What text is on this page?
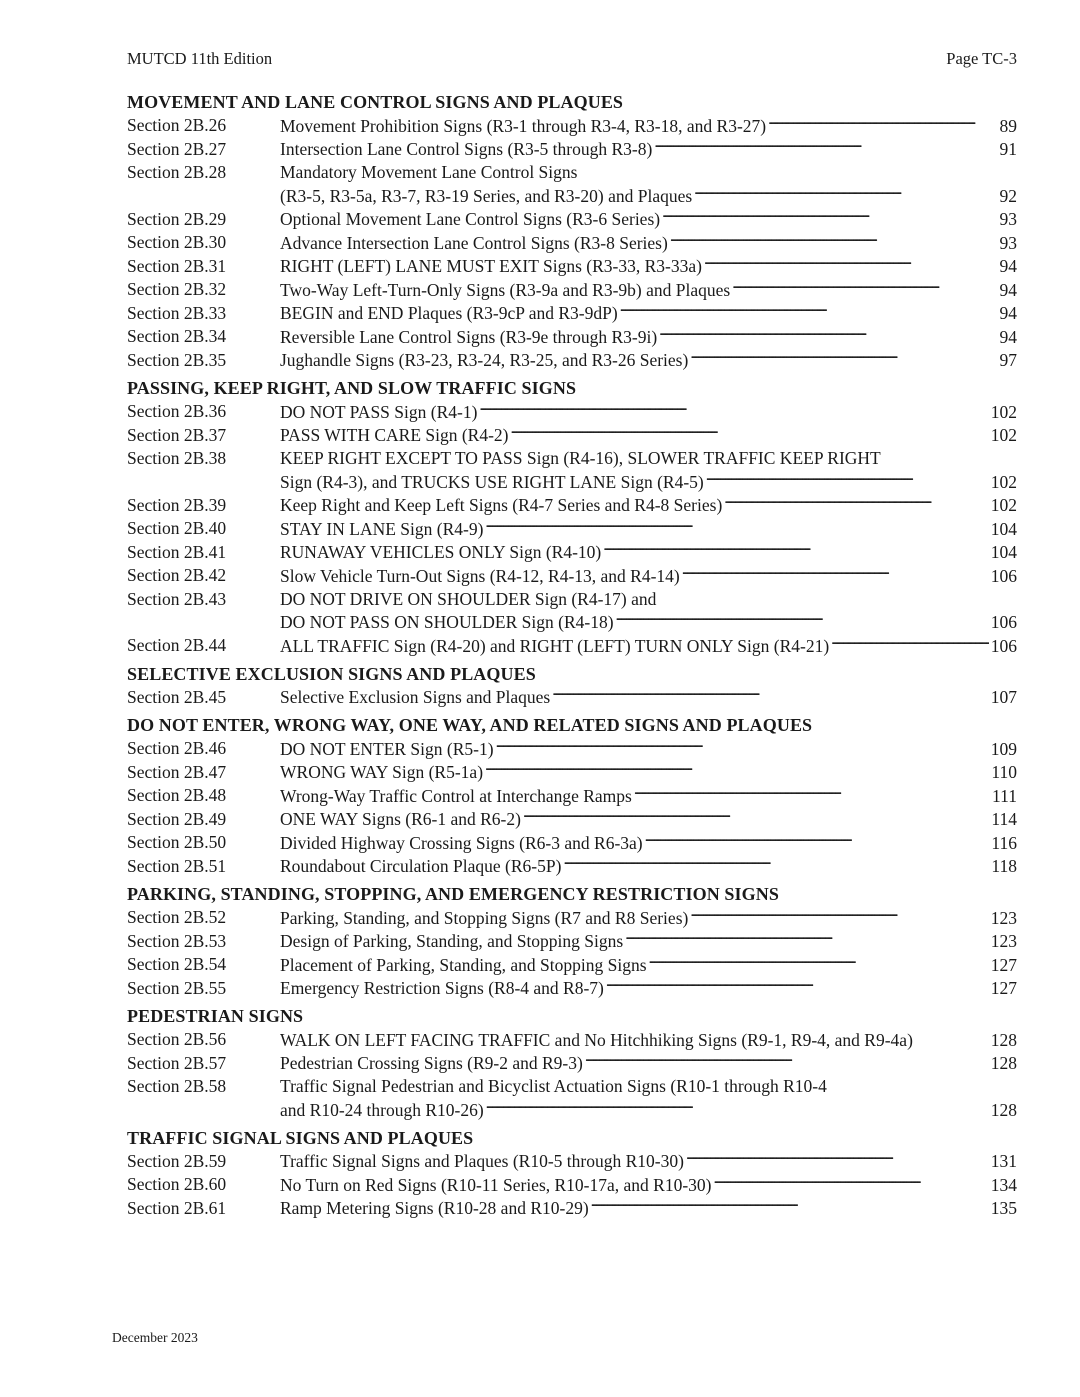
MUTCD 11th Edition	Page TC-3
MOVEMENT AND LANE CONTROL SIGNS AND PLAQUES
Section 2B.26	Movement Prohibition Signs (R3-1 through R3-4, R3-18, and R3-27) . . .	89
Section 2B.27	Intersection Lane Control Signs (R3-5 through R3-8) . . .	91
Section 2B.28	Mandatory Movement Lane Control Signs
(R3-5, R3-5a, R3-7, R3-19 Series, and R3-20) and Plaques . . .	92
Section 2B.29	Optional Movement Lane Control Signs (R3-6 Series) . . .	93
Section 2B.30	Advance Intersection Lane Control Signs (R3-8 Series) . . .	93
Section 2B.31	RIGHT (LEFT) LANE MUST EXIT Signs (R3-33, R3-33a) . . .	94
Section 2B.32	Two-Way Left-Turn-Only Signs (R3-9a and R3-9b) and Plaques . . .	94
Section 2B.33	BEGIN and END Plaques (R3-9cP and R3-9dP) . . .	94
Section 2B.34	Reversible Lane Control Signs (R3-9e through R3-9i) . . .	94
Section 2B.35	Jughandle Signs (R3-23, R3-24, R3-25, and R3-26 Series) . . .	97
PASSING, KEEP RIGHT, AND SLOW TRAFFIC SIGNS
Section 2B.36	DO NOT PASS Sign (R4-1) . . .	102
Section 2B.37	PASS WITH CARE Sign (R4-2) . . .	102
Section 2B.38	KEEP RIGHT EXCEPT TO PASS Sign (R4-16), SLOWER TRAFFIC KEEP RIGHT
Sign (R4-3), and TRUCKS USE RIGHT LANE Sign (R4-5) . . .	102
Section 2B.39	Keep Right and Keep Left Signs (R4-7 Series and R4-8 Series) . . .	102
Section 2B.40	STAY IN LANE Sign (R4-9) . . .	104
Section 2B.41	RUNAWAY VEHICLES ONLY Sign (R4-10) . . .	104
Section 2B.42	Slow Vehicle Turn-Out Signs (R4-12, R4-13, and R4-14) . . .	106
Section 2B.43	DO NOT DRIVE ON SHOULDER Sign (R4-17) and
DO NOT PASS ON SHOULDER Sign (R4-18) . . .	106
Section 2B.44	ALL TRAFFIC Sign (R4-20) and RIGHT (LEFT) TURN ONLY Sign (R4-21) . . .	106
SELECTIVE EXCLUSION SIGNS AND PLAQUES
Section 2B.45	Selective Exclusion Signs and Plaques . . .	107
DO NOT ENTER, WRONG WAY, ONE WAY, AND RELATED SIGNS AND PLAQUES
Section 2B.46	DO NOT ENTER Sign (R5-1) . . .	109
Section 2B.47	WRONG WAY Sign (R5-1a) . . .	110
Section 2B.48	Wrong-Way Traffic Control at Interchange Ramps . . .	111
Section 2B.49	ONE WAY Signs (R6-1 and R6-2) . . .	114
Section 2B.50	Divided Highway Crossing Signs (R6-3 and R6-3a) . . .	116
Section 2B.51	Roundabout Circulation Plaque (R6-5P) . . .	118
PARKING, STANDING, STOPPING, AND EMERGENCY RESTRICTION SIGNS
Section 2B.52	Parking, Standing, and Stopping Signs (R7 and R8 Series) . . .	123
Section 2B.53	Design of Parking, Standing, and Stopping Signs . . .	123
Section 2B.54	Placement of Parking, Standing, and Stopping Signs . . .	127
Section 2B.55	Emergency Restriction Signs (R8-4 and R8-7) . . .	127
PEDESTRIAN SIGNS
Section 2B.56	WALK ON LEFT FACING TRAFFIC and No Hitchhiking Signs (R9-1, R9-4, and R9-4a)	128
Section 2B.57	Pedestrian Crossing Signs (R9-2 and R9-3) . . .	128
Section 2B.58	Traffic Signal Pedestrian and Bicyclist Actuation Signs (R10-1 through R10-4
and R10-24 through R10-26) . . .	128
TRAFFIC SIGNAL SIGNS AND PLAQUES
Section 2B.59	Traffic Signal Signs and Plaques (R10-5 through R10-30) . . .	131
Section 2B.60	No Turn on Red Signs (R10-11 Series, R10-17a, and R10-30) . . .	134
Section 2B.61	Ramp Metering Signs (R10-28 and R10-29) . . .	135
December 2023
